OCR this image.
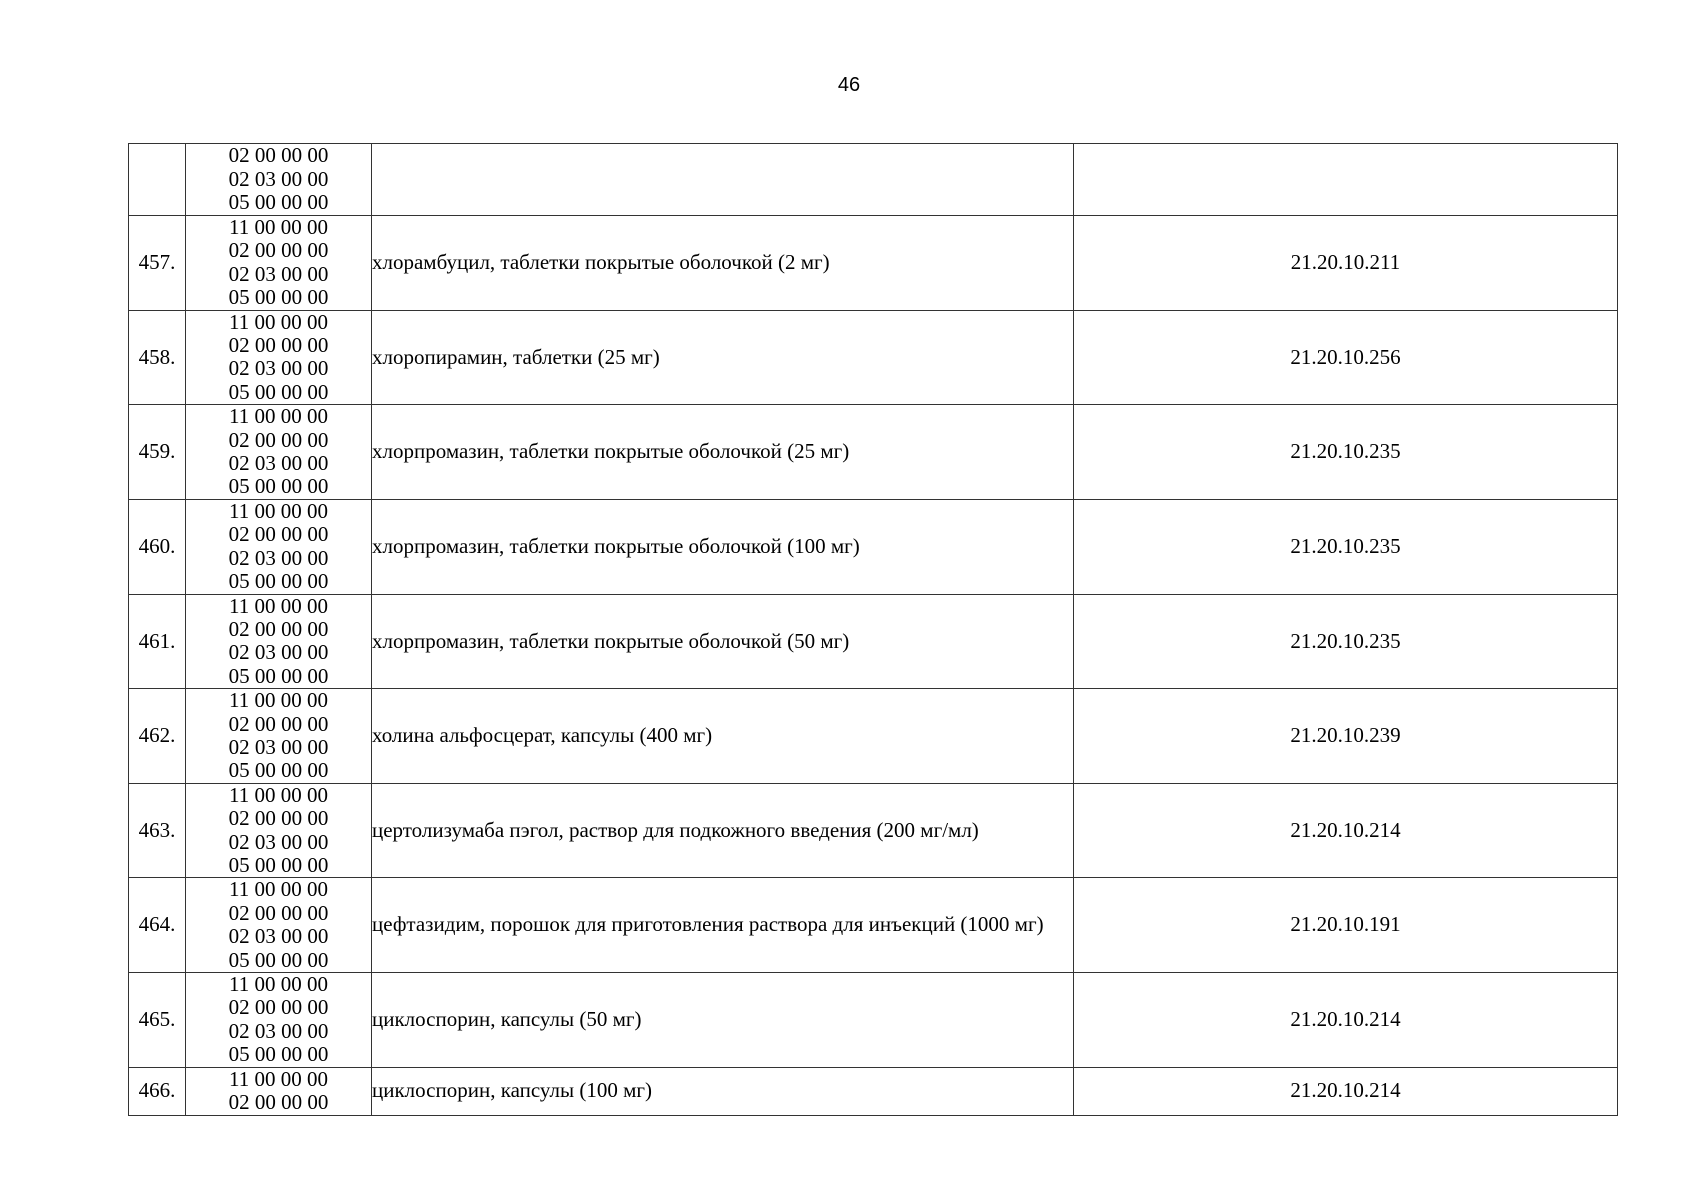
46

	02 00 00 00
02 03 00 00
05 00 00 00		

457.	11 00 00 00
02 00 00 00
02 03 00 00
05 00 00 00	хлорамбуцил, таблетки покрытые оболочкой (2 мг)	21.20.10.211
458.	11 00 00 00
02 00 00 00
02 03 00 00
05 00 00 00	хлоропирамин, таблетки (25 мг)	21.20.10.256
459.	11 00 00 00
02 00 00 00
02 03 00 00
05 00 00 00	хлорпромазин, таблетки покрытые оболочкой (25 мг)	21.20.10.235
460.	11 00 00 00
02 00 00 00
02 03 00 00
05 00 00 00	хлорпромазин, таблетки покрытые оболочкой (100 мг)	21.20.10.235
461.	11 00 00 00
02 00 00 00
02 03 00 00
05 00 00 00	хлорпромазин, таблетки покрытые оболочкой (50 мг)	21.20.10.235
462.	11 00 00 00
02 00 00 00
02 03 00 00
05 00 00 00	холина альфосцерат, капсулы (400 мг)	21.20.10.239
463.	11 00 00 00
02 00 00 00
02 03 00 00
05 00 00 00	цертолизумаба пэгол, раствор для подкожного введения (200 мг/мл)	21.20.10.214
464.	11 00 00 00
02 00 00 00
02 03 00 00
05 00 00 00	цефтазидим, порошок для приготовления раствора для инъекций (1000 мг)	21.20.10.191
465.	11 00 00 00
02 00 00 00
02 03 00 00
05 00 00 00	циклоспорин, капсулы (50 мг)	21.20.10.214
466.	11 00 00 00
02 00 00 00	циклоспорин, капсулы (100 мг)	21.20.10.214
